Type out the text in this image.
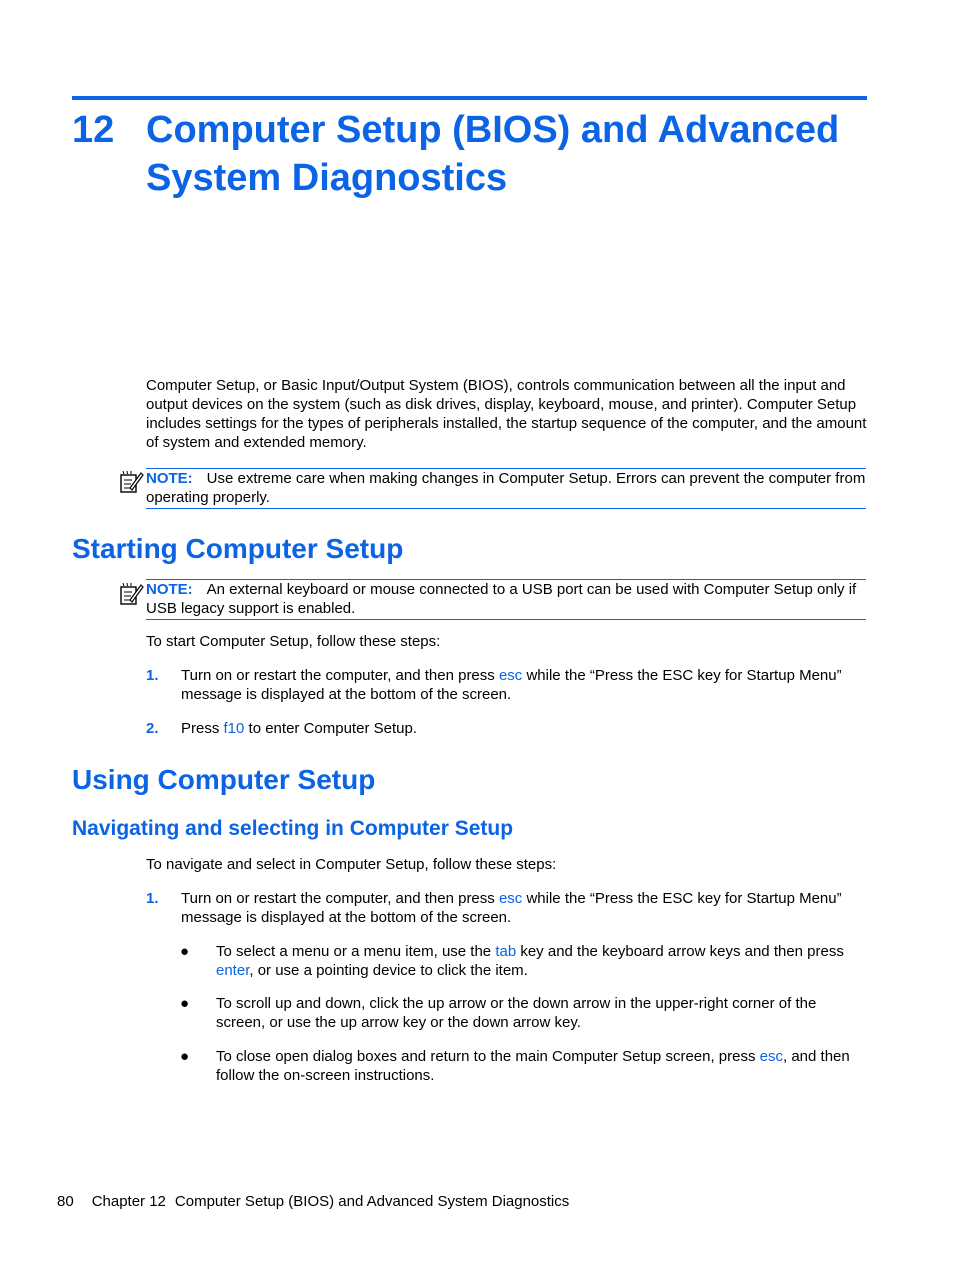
12 Computer Setup (BIOS) and Advanced System Diagnostics
Computer Setup, or Basic Input/Output System (BIOS), controls communication between all the input and output devices on the system (such as disk drives, display, keyboard, mouse, and printer). Computer Setup includes settings for the types of peripherals installed, the startup sequence of the computer, and the amount of system and extended memory.
NOTE: Use extreme care when making changes in Computer Setup. Errors can prevent the computer from operating properly.
Starting Computer Setup
NOTE: An external keyboard or mouse connected to a USB port can be used with Computer Setup only if USB legacy support is enabled.
To start Computer Setup, follow these steps:
1. Turn on or restart the computer, and then press esc while the “Press the ESC key for Startup Menu” message is displayed at the bottom of the screen.
2. Press f10 to enter Computer Setup.
Using Computer Setup
Navigating and selecting in Computer Setup
To navigate and select in Computer Setup, follow these steps:
1. Turn on or restart the computer, and then press esc while the “Press the ESC key for Startup Menu” message is displayed at the bottom of the screen.
● To select a menu or a menu item, use the tab key and the keyboard arrow keys and then press enter, or use a pointing device to click the item.
● To scroll up and down, click the up arrow or the down arrow in the upper-right corner of the screen, or use the up arrow key or the down arrow key.
● To close open dialog boxes and return to the main Computer Setup screen, press esc, and then follow the on-screen instructions.
80 Chapter 12 Computer Setup (BIOS) and Advanced System Diagnostics
